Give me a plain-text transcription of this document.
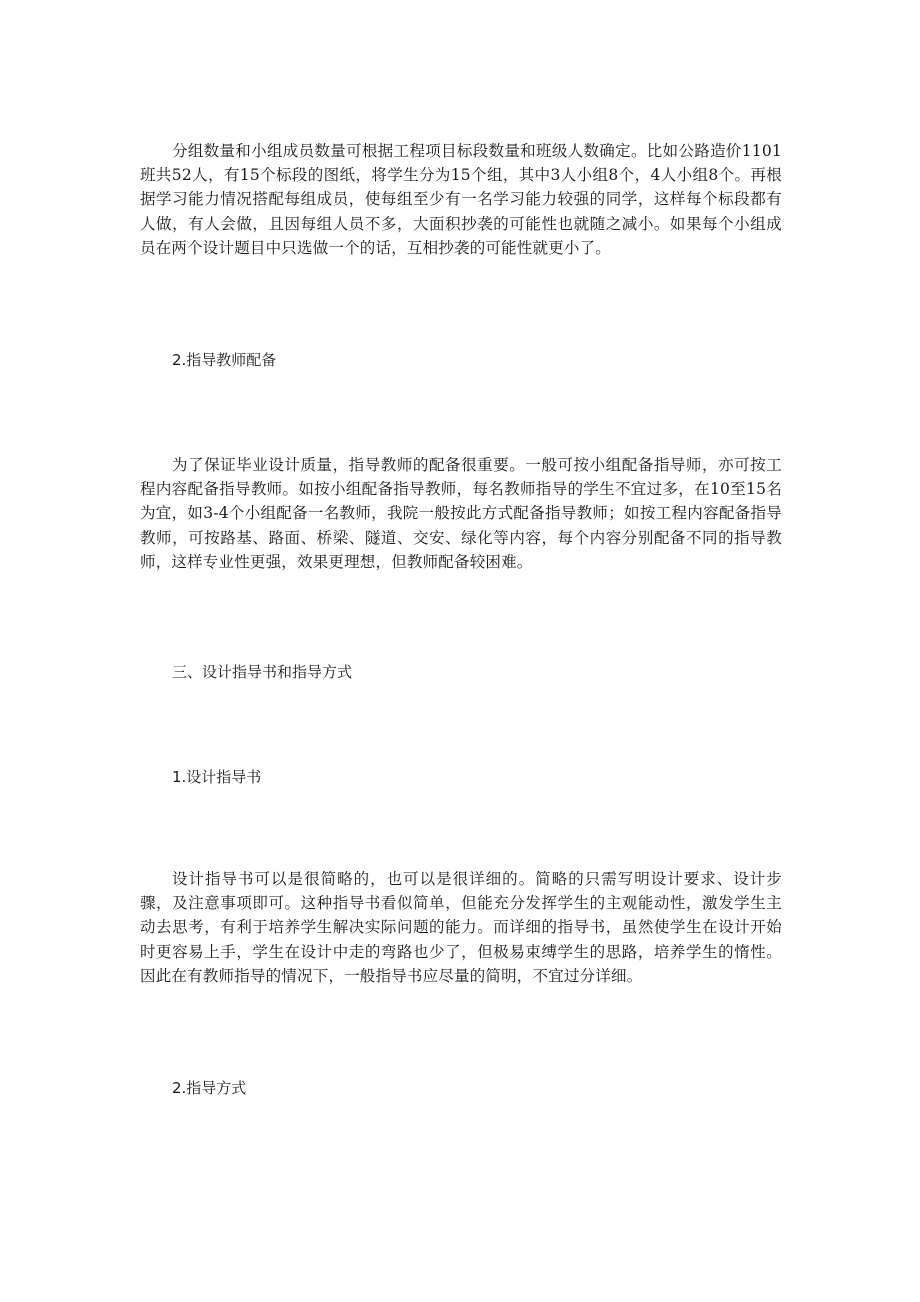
分组数量和小组成员数量可根据工程项目标段数量和班级人数确定。比如公路造价1101班共52人，有15个标段的图纸，将学生分为15个组，其中3人小组8个，4人小组8个。再根据学习能力情况搭配每组成员，使每组至少有一名学习能力较强的同学，这样每个标段都有人做，有人会做，且因每组人员不多，大面积抄袭的可能性也就随之减小。如果每个小组成员在两个设计题目中只选做一个的话，互相抄袭的可能性就更小了。

2.指导教师配备

为了保证毕业设计质量，指导教师的配备很重要。一般可按小组配备指导师，亦可按工程内容配备指导教师。如按小组配备指导教师，每名教师指导的学生不宜过多，在10至15名为宜，如3-4个小组配备一名教师，我院一般按此方式配备指导教师；如按工程内容配备指导教师，可按路基、路面、桥梁、隧道、交安、绿化等内容，每个内容分别配备不同的指导教师，这样专业性更强，效果更理想，但教师配备较困难。

三、设计指导书和指导方式
1.设计指导书

设计指导书可以是很简略的，也可以是很详细的。简略的只需写明设计要求、设计步骤，及注意事项即可。这种指导书看似简单，但能充分发挥学生的主观能动性，激发学生主动去思考，有利于培养学生解决实际问题的能力。而详细的指导书，虽然使学生在设计开始时更容易上手，学生在设计中走的弯路也少了，但极易束缚学生的思路，培养学生的惰性。因此在有教师指导的情况下，一般指导书应尽量的简明，不宜过分详细。

2.指导方式
